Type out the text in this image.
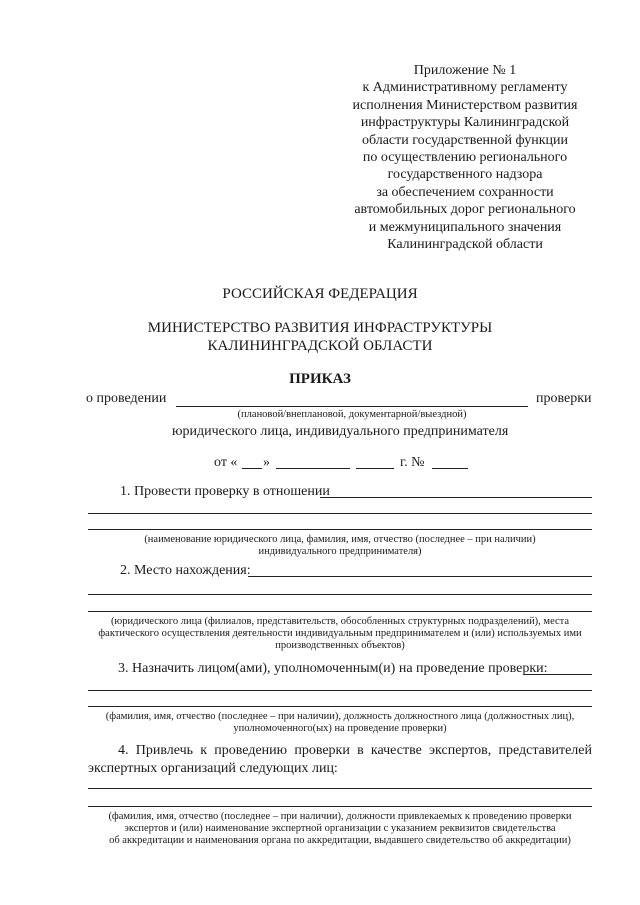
Приложение № 1
к Административному регламенту
исполнения Министерством развития
инфраструктуры Калининградской
области государственной функции
по осуществлению регионального
государственного надзора
за обеспечением сохранности
автомобильных дорог регионального
и межмуниципального значения
Калининградской области
РОССИЙСКАЯ ФЕДЕРАЦИЯ
МИНИСТЕРСТВО РАЗВИТИЯ ИНФРАСТРУКТУРЫ
КАЛИНИНГРАДСКОЙ ОБЛАСТИ
ПРИКАЗ
о проведении	проверки
(плановой/внеплановой, документарной/выездной)
юридического лица, индивидуального предпринимателя
от « »	г. №
1. Провести проверку в отношении
(наименование юридического лица, фамилия, имя, отчество (последнее – при наличии)
индивидуального предпринимателя)
2. Место нахождения:
(юридического лица (филиалов, представительств, обособленных структурных подразделений), места
фактического осуществления деятельности индивидуальным предпринимателем и (или) используемых ими
производственных объектов)
3. Назначить лицом(ами), уполномоченным(и) на проведение проверки:
(фамилия, имя, отчество (последнее – при наличии), должность должностного лица (должностных лиц),
уполномоченного(ых) на проведение проверки)
4. Привлечь к проведению проверки в качестве экспертов, представителей
экспертных организаций следующих лиц:
(фамилия, имя, отчество (последнее – при наличии), должности привлекаемых к проведению проверки
экспертов и (или) наименование экспертной организации с указанием реквизитов свидетельства
об аккредитации и наименования органа по аккредитации, выдавшего свидетельство об аккредитации)
